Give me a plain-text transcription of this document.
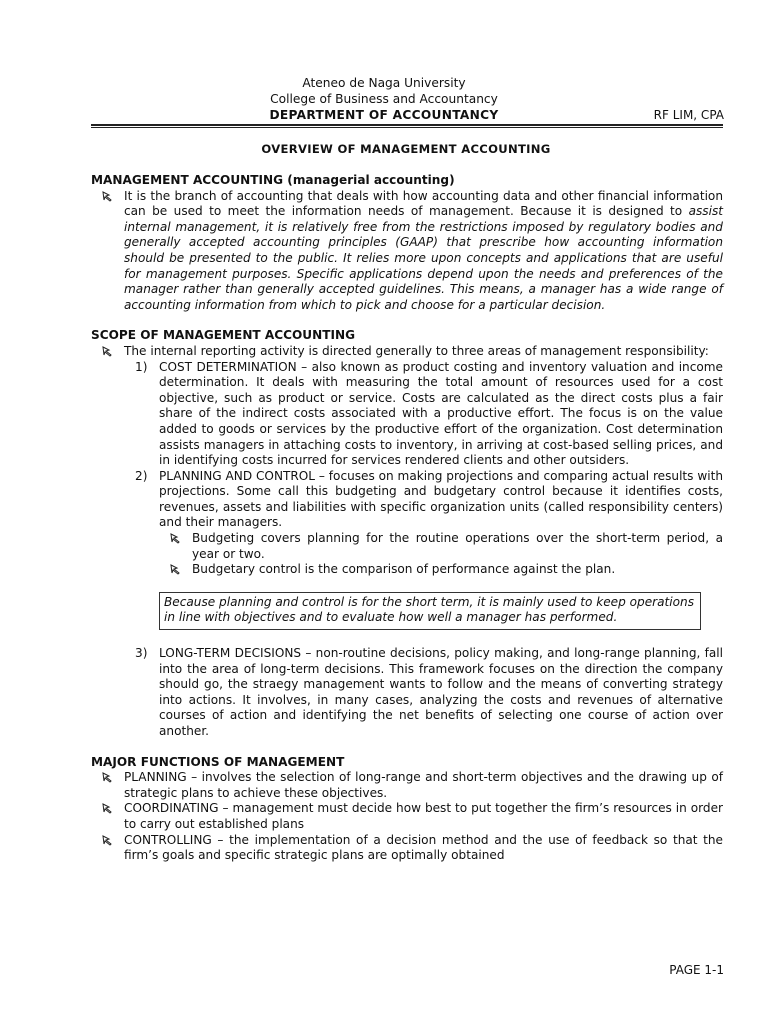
Ateneo de Naga University
College of Business and Accountancy
DEPARTMENT OF ACCOUNTANCY	RF LIM, CPA
OVERVIEW OF MANAGEMENT ACCOUNTING
MANAGEMENT ACCOUNTING (managerial accounting)
It is the branch of accounting that deals with how accounting data and other financial information can be used to meet the information needs of management. Because it is designed to assist internal management, it is relatively free from the restrictions imposed by regulatory bodies and generally accepted accounting principles (GAAP) that prescribe how accounting information should be presented to the public. It relies more upon concepts and applications that are useful for management purposes. Specific applications depend upon the needs and preferences of the manager rather than generally accepted guidelines. This means, a manager has a wide range of accounting information from which to pick and choose for a particular decision.
SCOPE OF MANAGEMENT ACCOUNTING
The internal reporting activity is directed generally to three areas of management responsibility:
1) COST DETERMINATION – also known as product costing and inventory valuation and income determination. It deals with measuring the total amount of resources used for a cost objective, such as product or service. Costs are calculated as the direct costs plus a fair share of the indirect costs associated with a productive effort. The focus is on the value added to goods or services by the productive effort of the organization. Cost determination assists managers in attaching costs to inventory, in arriving at cost-based selling prices, and in identifying costs incurred for services rendered clients and other outsiders.
2) PLANNING AND CONTROL – focuses on making projections and comparing actual results with projections. Some call this budgeting and budgetary control because it identifies costs, revenues, assets and liabilities with specific organization units (called responsibility centers) and their managers.
Budgeting covers planning for the routine operations over the short-term period, a year or two.
Budgetary control is the comparison of performance against the plan.
Because planning and control is for the short term, it is mainly used to keep operations in line with objectives and to evaluate how well a manager has performed.
3) LONG-TERM DECISIONS – non-routine decisions, policy making, and long-range planning, fall into the area of long-term decisions. This framework focuses on the direction the company should go, the straegy management wants to follow and the means of converting strategy into actions. It involves, in many cases, analyzing the costs and revenues of alternative courses of action and identifying the net benefits of selecting one course of action over another.
MAJOR FUNCTIONS OF MANAGEMENT
PLANNING – involves the selection of long-range and short-term objectives and the drawing up of strategic plans to achieve these objectives.
COORDINATING – management must decide how best to put together the firm’s resources in order to carry out established plans
CONTROLLING – the implementation of a decision method and the use of feedback so that the firm’s goals and specific strategic plans are optimally obtained
PAGE 1-1
